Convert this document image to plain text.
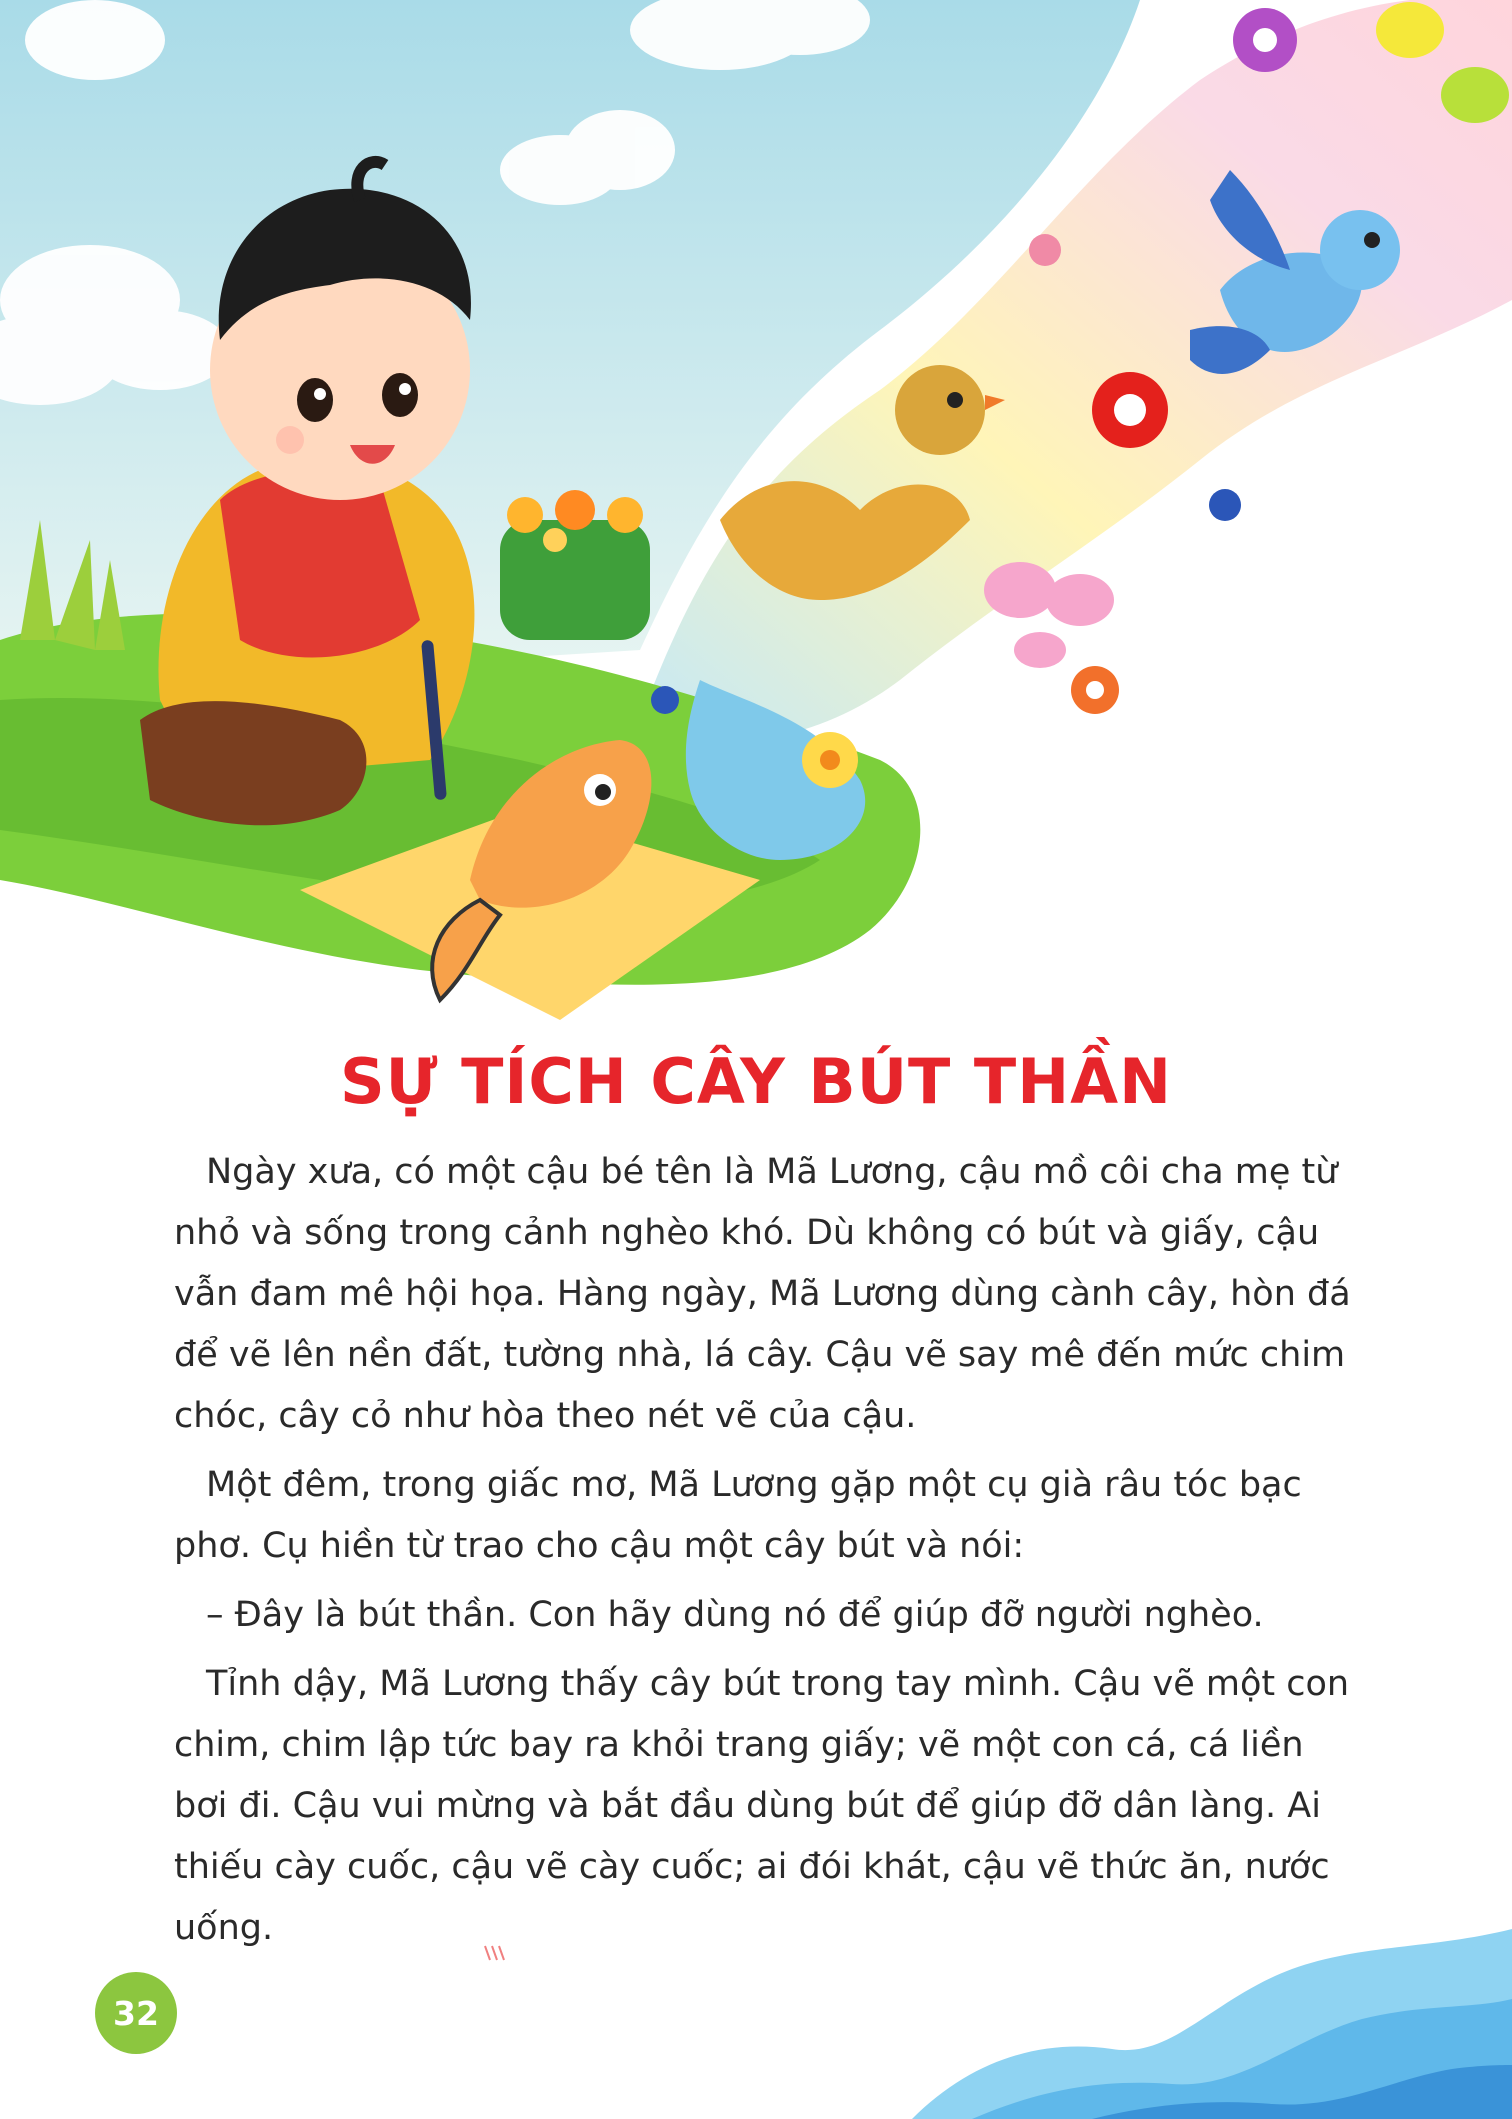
SỰ TÍCH CÂY BÚT THẦN

Ngày xưa, có một cậu bé tên là Mã Lương, cậu mồ côi cha mẹ từ nhỏ và sống trong cảnh nghèo khó. Dù không có bút và giấy, cậu vẫn đam mê hội họa. Hàng ngày, Mã Lương dùng cành cây, hòn đá để vẽ lên nền đất, tường nhà, lá cây. Cậu vẽ say mê đến mức chim chóc, cây cỏ như hòa theo nét vẽ của cậu.

Một đêm, trong giấc mơ, Mã Lương gặp một cụ già râu tóc bạc phơ. Cụ hiền từ trao cho cậu một cây bút và nói:

– Đây là bút thần. Con hãy dùng nó để giúp đỡ người nghèo.

Tỉnh dậy, Mã Lương thấy cây bút trong tay mình. Cậu vẽ một con chim, chim lập tức bay ra khỏi trang giấy; vẽ một con cá, cá liền bơi đi. Cậu vui mừng và bắt đầu dùng bút để giúp đỡ dân làng. Ai thiếu cày cuốc, cậu vẽ cày cuốc; ai đói khát, cậu vẽ thức ăn, nước uống.

32
